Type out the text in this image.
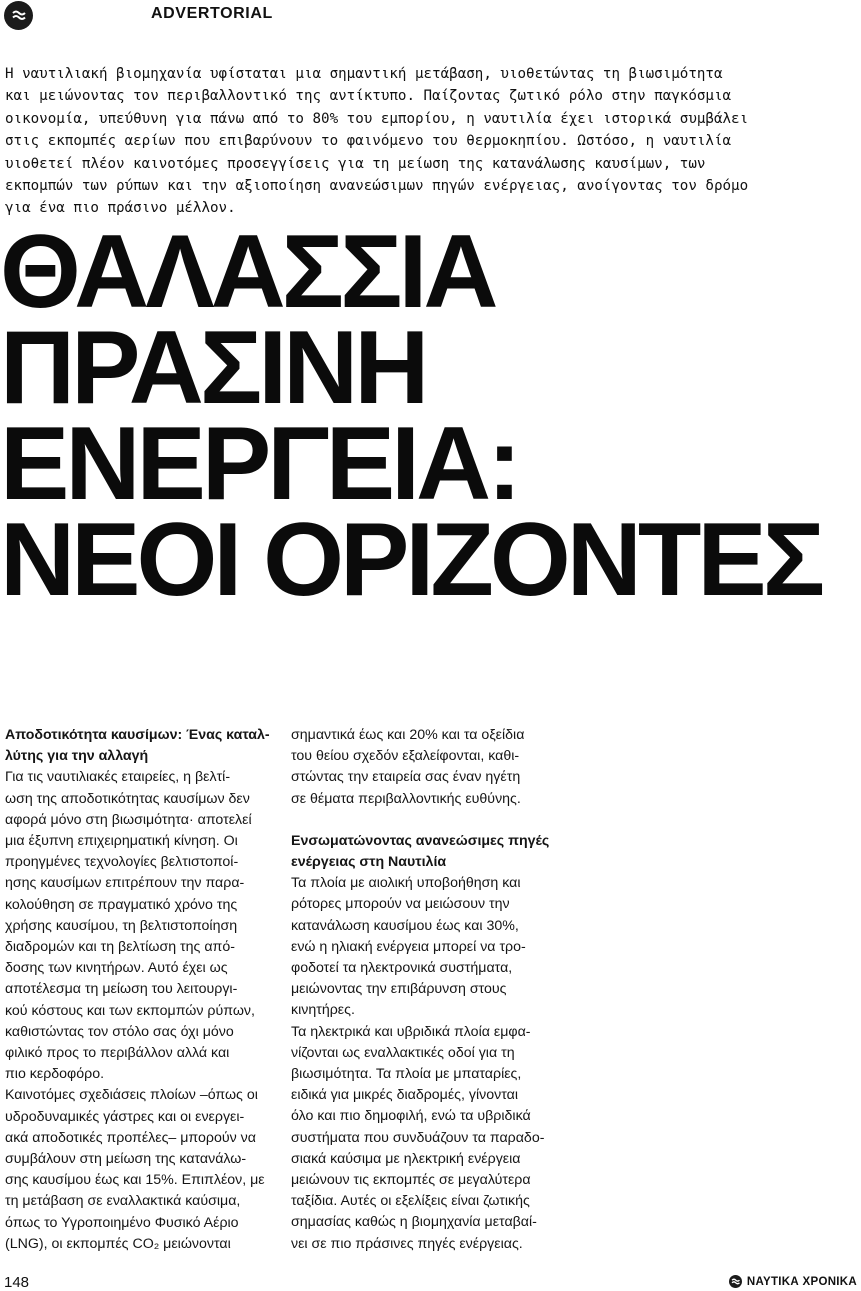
ADVERTORIAL

Η ναυτιλιακή βιομηχανία υφίσταται μια σημαντική μετάβαση, υιοθετώντας τη βιωσιμότητα
και μειώνοντας τον περιβαλλοντικό της αντίκτυπο. Παίζοντας ζωτικό ρόλο στην παγκόσμια
οικονομία, υπεύθυνη για πάνω από το 80% του εμπορίου, η ναυτιλία έχει ιστορικά συμβάλει
στις εκπομπές αερίων που επιβαρύνουν το φαινόμενο του θερμοκηπίου. Ωστόσο, η ναυτιλία
υιοθετεί πλέον καινοτόμες προσεγγίσεις για τη μείωση της κατανάλωσης καυσίμων, των
εκπομπών των ρύπων και την αξιοποίηση ανανεώσιμων πηγών ενέργειας, ανοίγοντας τον δρόμο
για ένα πιο πράσινο μέλλον.

ΘΑΛΑΣΣΙΑ
ΠΡΑΣΙΝΗ
ΕΝΕΡΓΕΙΑ:
ΝΕΟΙ ΟΡΙΖΟΝΤΕΣ

Αποδοτικότητα καυσίμων: Ένας καταλ-
λύτης για την αλλαγή

Για τις ναυτιλιακές εταιρείες, η βελτί-
ωση της αποδοτικότητας καυσίμων δεν
αφορά μόνο στη βιωσιμότητα· αποτελεί
μια έξυπνη επιχειρηματική κίνηση. Οι
προηγμένες τεχνολογίες βελτιστοποί-
ησης καυσίμων επιτρέπουν την παρα-
κολούθηση σε πραγματικό χρόνο της
χρήσης καυσίμου, τη βελτιστοποίηση
διαδρομών και τη βελτίωση της από-
δοσης των κινητήρων. Αυτό έχει ως
αποτέλεσμα τη μείωση του λειτουργι-
κού κόστους και των εκπομπών ρύπων,
καθιστώντας τον στόλο σας όχι μόνο
φιλικό προς το περιβάλλον αλλά και
πιο κερδοφόρο.

Καινοτόμες σχεδιάσεις πλοίων –όπως οι
υδροδυναμικές γάστρες και οι ενεργει-
ακά αποδοτικές προπέλες– μπορούν να
συμβάλουν στη μείωση της κατανάλω-
σης καυσίμου έως και 15%. Επιπλέον, με
τη μετάβαση σε εναλλακτικά καύσιμα,
όπως το Υγροποιημένο Φυσικό Αέριο
(LNG), οι εκπομπές CO₂ μειώνονται

σημαντικά έως και 20% και τα οξείδια
του θείου σχεδόν εξαλείφονται, καθι-
στώντας την εταιρεία σας έναν ηγέτη
σε θέματα περιβαλλοντικής ευθύνης.

Ενσωματώνοντας ανανεώσιμες πηγές
ενέργειας στη Ναυτιλία

Τα πλοία με αιολική υποβοήθηση και
ρότορες μπορούν να μειώσουν την
κατανάλωση καυσίμου έως και 30%,
ενώ η ηλιακή ενέργεια μπορεί να τρο-
φοδοτεί τα ηλεκτρονικά συστήματα,
μειώνοντας την επιβάρυνση στους
κινητήρες.

Τα ηλεκτρικά και υβριδικά πλοία εμφα-
νίζονται ως εναλλακτικές οδοί για τη
βιωσιμότητα. Τα πλοία με μπαταρίες,
ειδικά για μικρές διαδρομές, γίνονται
όλο και πιο δημοφιλή, ενώ τα υβριδικά
συστήματα που συνδυάζουν τα παραδο-
σιακά καύσιμα με ηλεκτρική ενέργεια
μειώνουν τις εκπομπές σε μεγαλύτερα
ταξίδια. Αυτές οι εξελίξεις είναι ζωτικής
σημασίας καθώς η βιομηχανία μεταβαί-
νει σε πιο πράσινες πηγές ενέργειας.

148	ΝΑΥΤΙΚΑ ΧΡΟΝΙΚΑ
